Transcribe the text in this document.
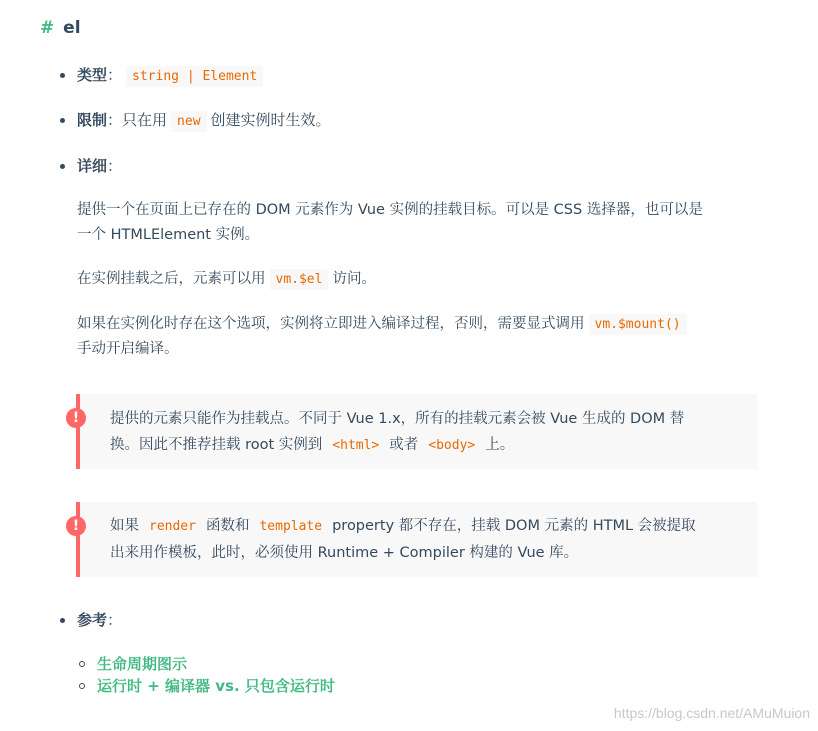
# el
类型： string | Element
限制：只在用 new 创建实例时生效。
详细：
提供一个在页面上已存在的 DOM 元素作为 Vue 实例的挂载目标。可以是 CSS 选择器，也可以是
一个 HTMLElement 实例。
在实例挂载之后，元素可以用 vm.$el 访问。
如果在实例化时存在这个选项，实例将立即进入编译过程，否则，需要显式调用 vm.$mount()
手动开启编译。
!	提供的元素只能作为挂载点。不同于 Vue 1.x，所有的挂载元素会被 Vue 生成的 DOM 替
换。因此不推荐挂载 root 实例到 <html> 或者 <body> 上。
!	如果 render 函数和 template property 都不存在，挂载 DOM 元素的 HTML 会被提取
出来用作模板，此时，必须使用 Runtime + Compiler 构建的 Vue 库。
参考：
生命周期图示
运行时 + 编译器 vs. 只包含运行时
https://blog.csdn.net/AMuMuion
